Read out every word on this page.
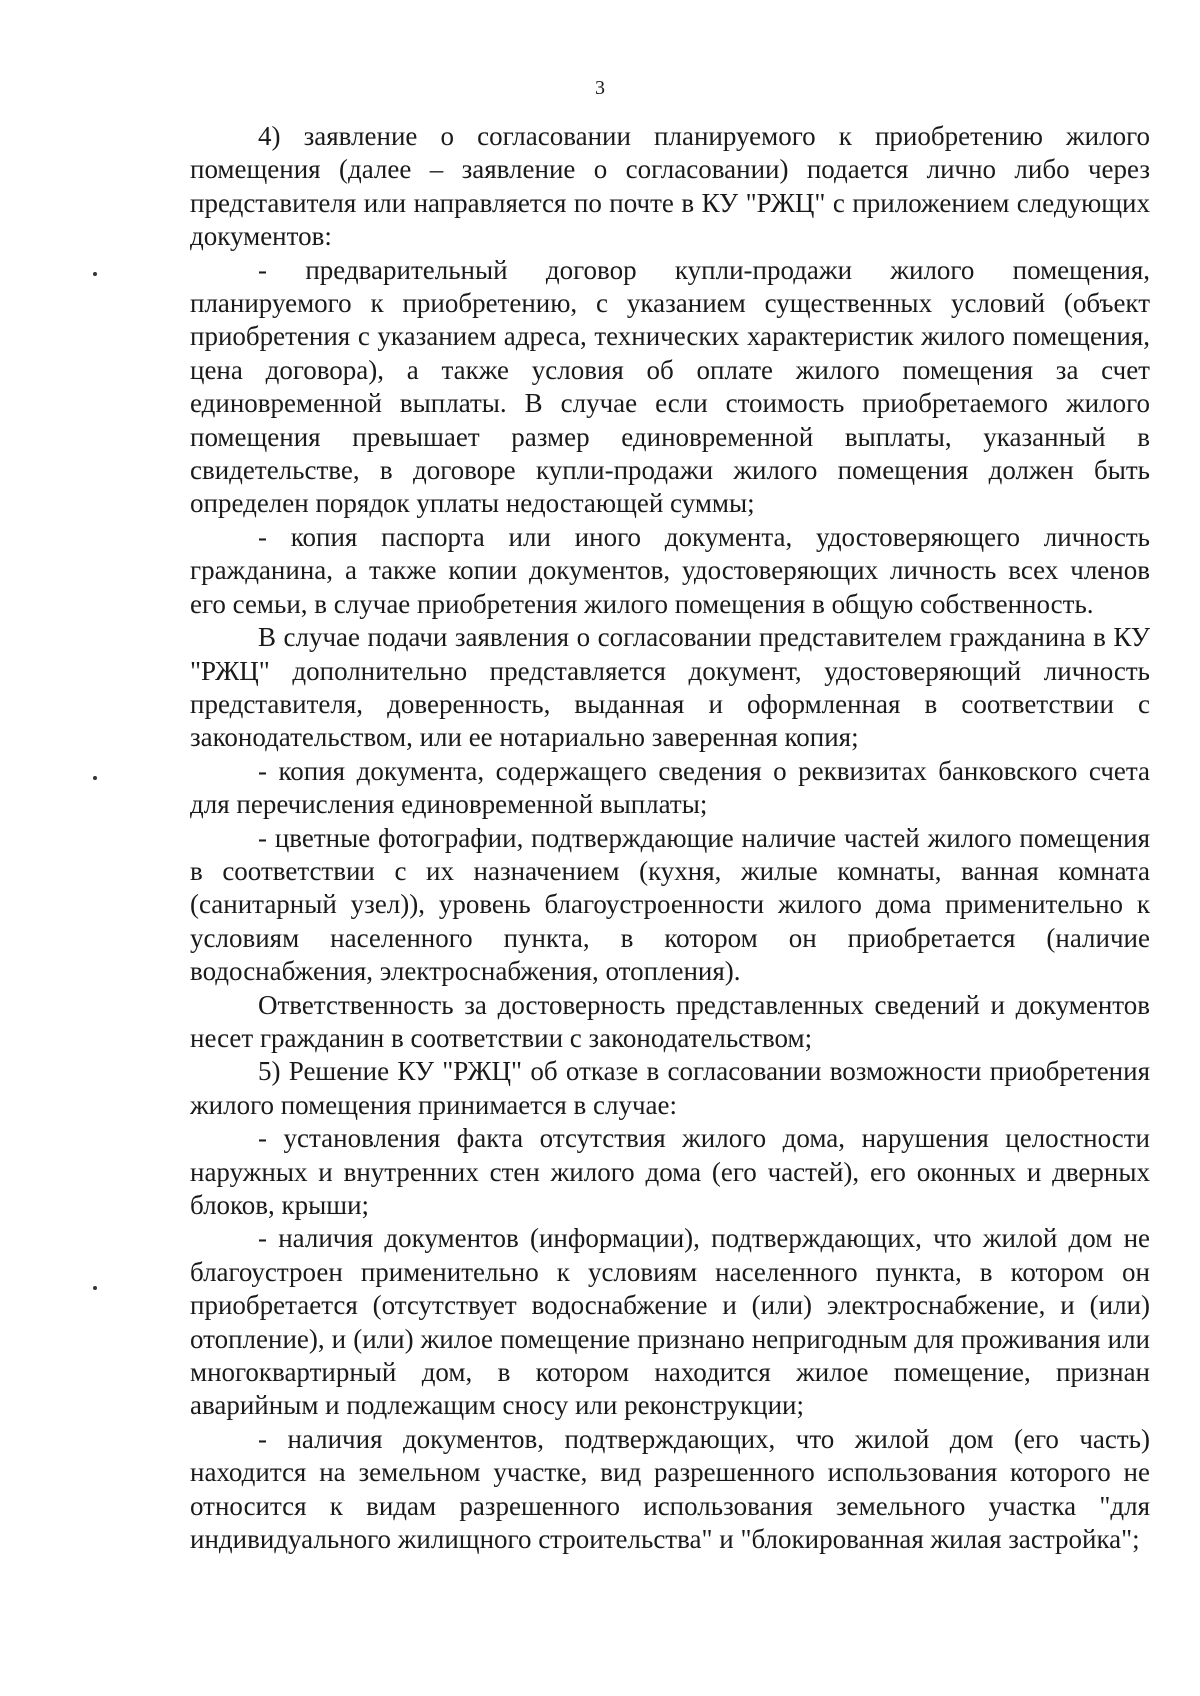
3

4) заявление о согласовании планируемого к приобретению жилого помещения (далее – заявление о согласовании) подается лично либо через представителя или направляется по почте в КУ "РЖЦ" с приложением следующих документов:

- предварительный договор купли-продажи жилого помещения, планируемого к приобретению, с указанием существенных условий (объект приобретения с указанием адреса, технических характеристик жилого помещения, цена договора), а также условия об оплате жилого помещения за счет единовременной выплаты. В случае если стоимость приобретаемого жилого помещения превышает размер единовременной выплаты, указанный в свидетельстве, в договоре купли-продажи жилого помещения должен быть определен порядок уплаты недостающей суммы;

- копия паспорта или иного документа, удостоверяющего личность гражданина, а также копии документов, удостоверяющих личность всех членов его семьи, в случае приобретения жилого помещения в общую собственность.

В случае подачи заявления о согласовании представителем гражданина в КУ "РЖЦ" дополнительно представляется документ, удостоверяющий личность представителя, доверенность, выданная и оформленная в соответствии с законодательством, или ее нотариально заверенная копия;

- копия документа, содержащего сведения о реквизитах банковского счета для перечисления единовременной выплаты;

- цветные фотографии, подтверждающие наличие частей жилого помещения в соответствии с их назначением (кухня, жилые комнаты, ванная комната (санитарный узел)), уровень благоустроенности жилого дома применительно к условиям населенного пункта, в котором он приобретается (наличие водоснабжения, электроснабжения, отопления).

Ответственность за достоверность представленных сведений и документов несет гражданин в соответствии с законодательством;

5) Решение КУ "РЖЦ" об отказе в согласовании возможности приобретения жилого помещения принимается в случае:

- установления факта отсутствия жилого дома, нарушения целостности наружных и внутренних стен жилого дома (его частей), его оконных и дверных блоков, крыши;

- наличия документов (информации), подтверждающих, что жилой дом не благоустроен применительно к условиям населенного пункта, в котором он приобретается (отсутствует водоснабжение и (или) электроснабжение, и (или) отопление), и (или) жилое помещение признано непригодным для проживания или многоквартирный дом, в котором находится жилое помещение, признан аварийным и подлежащим сносу или реконструкции;

- наличия документов, подтверждающих, что жилой дом (его часть) находится на земельном участке, вид разрешенного использования которого не относится к видам разрешенного использования земельного участка "для индивидуального жилищного строительства" и "блокированная жилая застройка";
